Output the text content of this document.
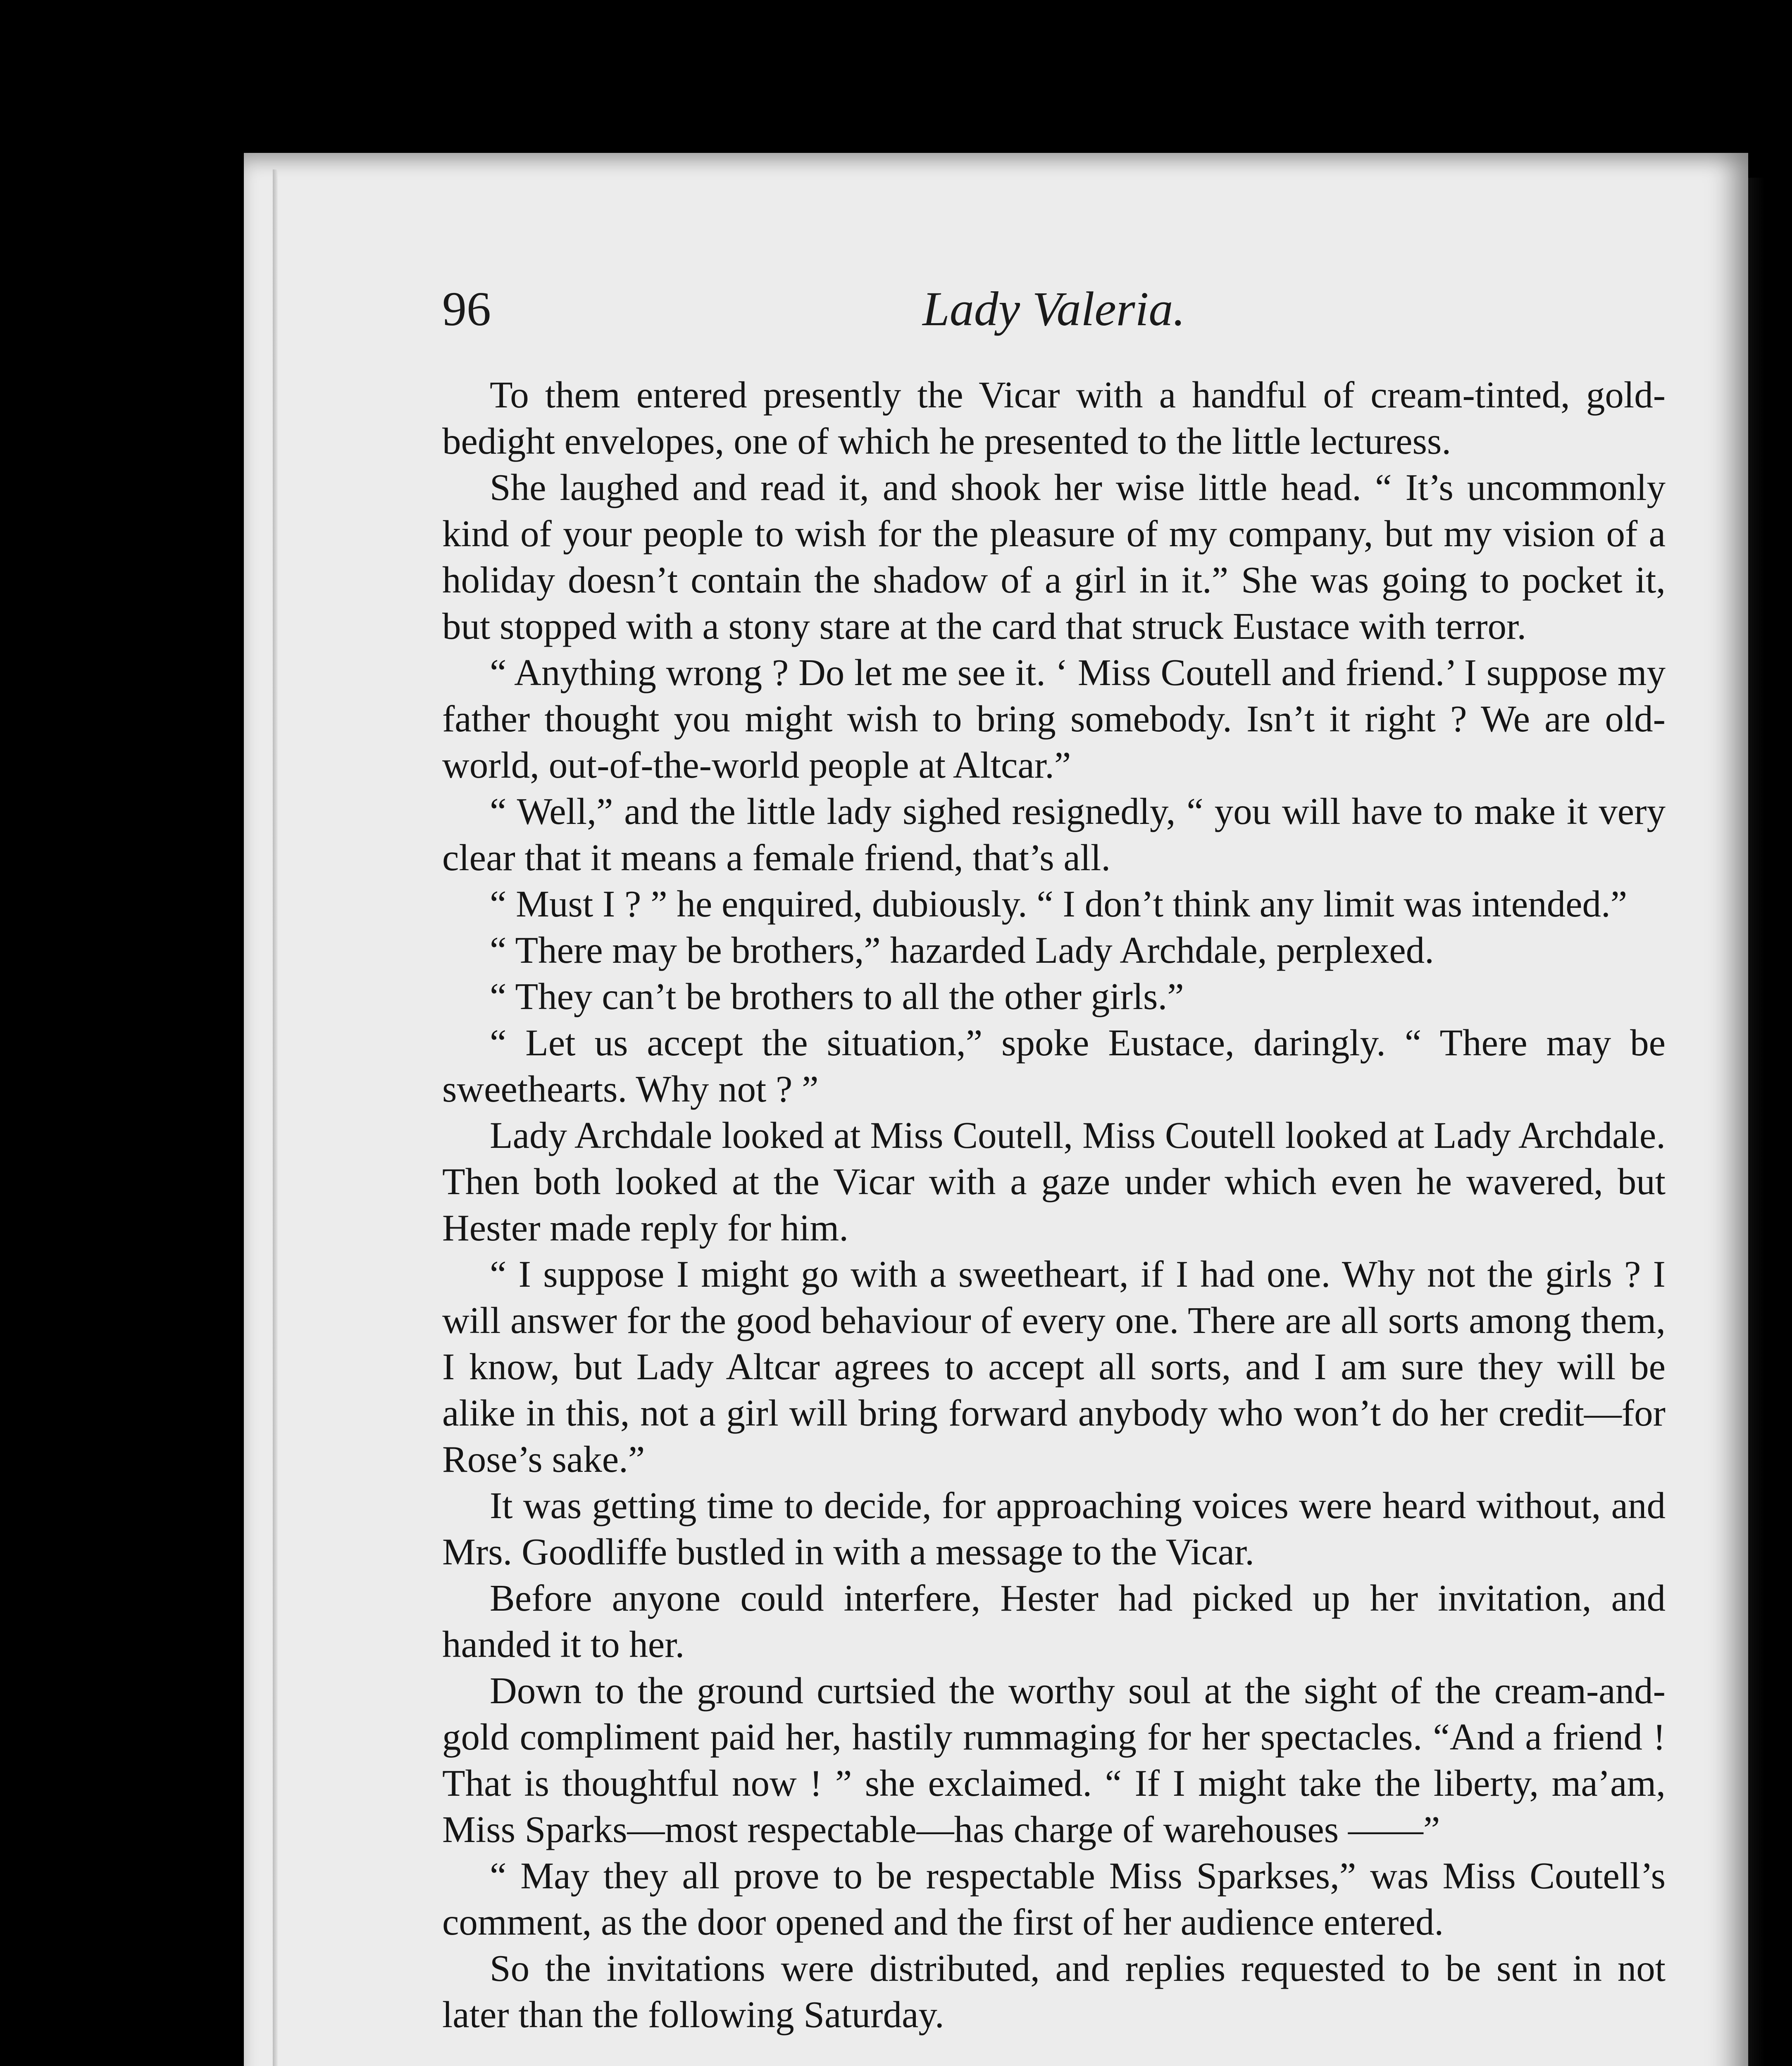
Lady Valeria.
96

To them entered presently the Vicar with a handful of cream-tinted, gold-bedight envelopes, one of which he presented to the little lecturess.

She laughed and read it, and shook her wise little head. “ It’s uncommonly kind of your people to wish for the pleasure of my company, but my vision of a holiday doesn’t contain the shadow of a girl in it.” She was going to pocket it, but stopped with a stony stare at the card that struck Eustace with terror.

“ Anything wrong ? Do let me see it. ‘ Miss Coutell and friend.’ I suppose my father thought you might wish to bring somebody. Isn’t it right ? We are old-world, out-of-the-world people at Altcar.”

“ Well,” and the little lady sighed resignedly, “ you will have to make it very clear that it means a female friend, that’s all.

“ Must I ? ” he enquired, dubiously. “ I don’t think any limit was intended.”

“ There may be brothers,” hazarded Lady Archdale, perplexed.

“ They can’t be brothers to all the other girls.”

“ Let us accept the situation,” spoke Eustace, daringly. “ There may be sweethearts. Why not ? ”

Lady Archdale looked at Miss Coutell, Miss Coutell looked at Lady Archdale. Then both looked at the Vicar with a gaze under which even he wavered, but Hester made reply for him.

“ I suppose I might go with a sweetheart, if I had one. Why not the girls ? I will answer for the good behaviour of every one. There are all sorts among them, I know, but Lady Altcar agrees to accept all sorts, and I am sure they will be alike in this, not a girl will bring forward anybody who won’t do her credit—for Rose’s sake.”

It was getting time to decide, for approaching voices were heard without, and Mrs. Goodliffe bustled in with a message to the Vicar.

Before anyone could interfere, Hester had picked up her invitation, and handed it to her.

Down to the ground curtsied the worthy soul at the sight of the cream-and-gold compliment paid her, hastily rummaging for her spectacles. “And a friend ! That is thoughtful now ! ” she exclaimed. “ If I might take the liberty, ma’am, Miss Sparks—most respectable—has charge of warehouses ——”

“ May they all prove to be respectable Miss Sparkses,” was Miss Coutell’s comment, as the door opened and the first of her audience entered.

So the invitations were distributed, and replies requested to be sent in not later than the following Saturday.
